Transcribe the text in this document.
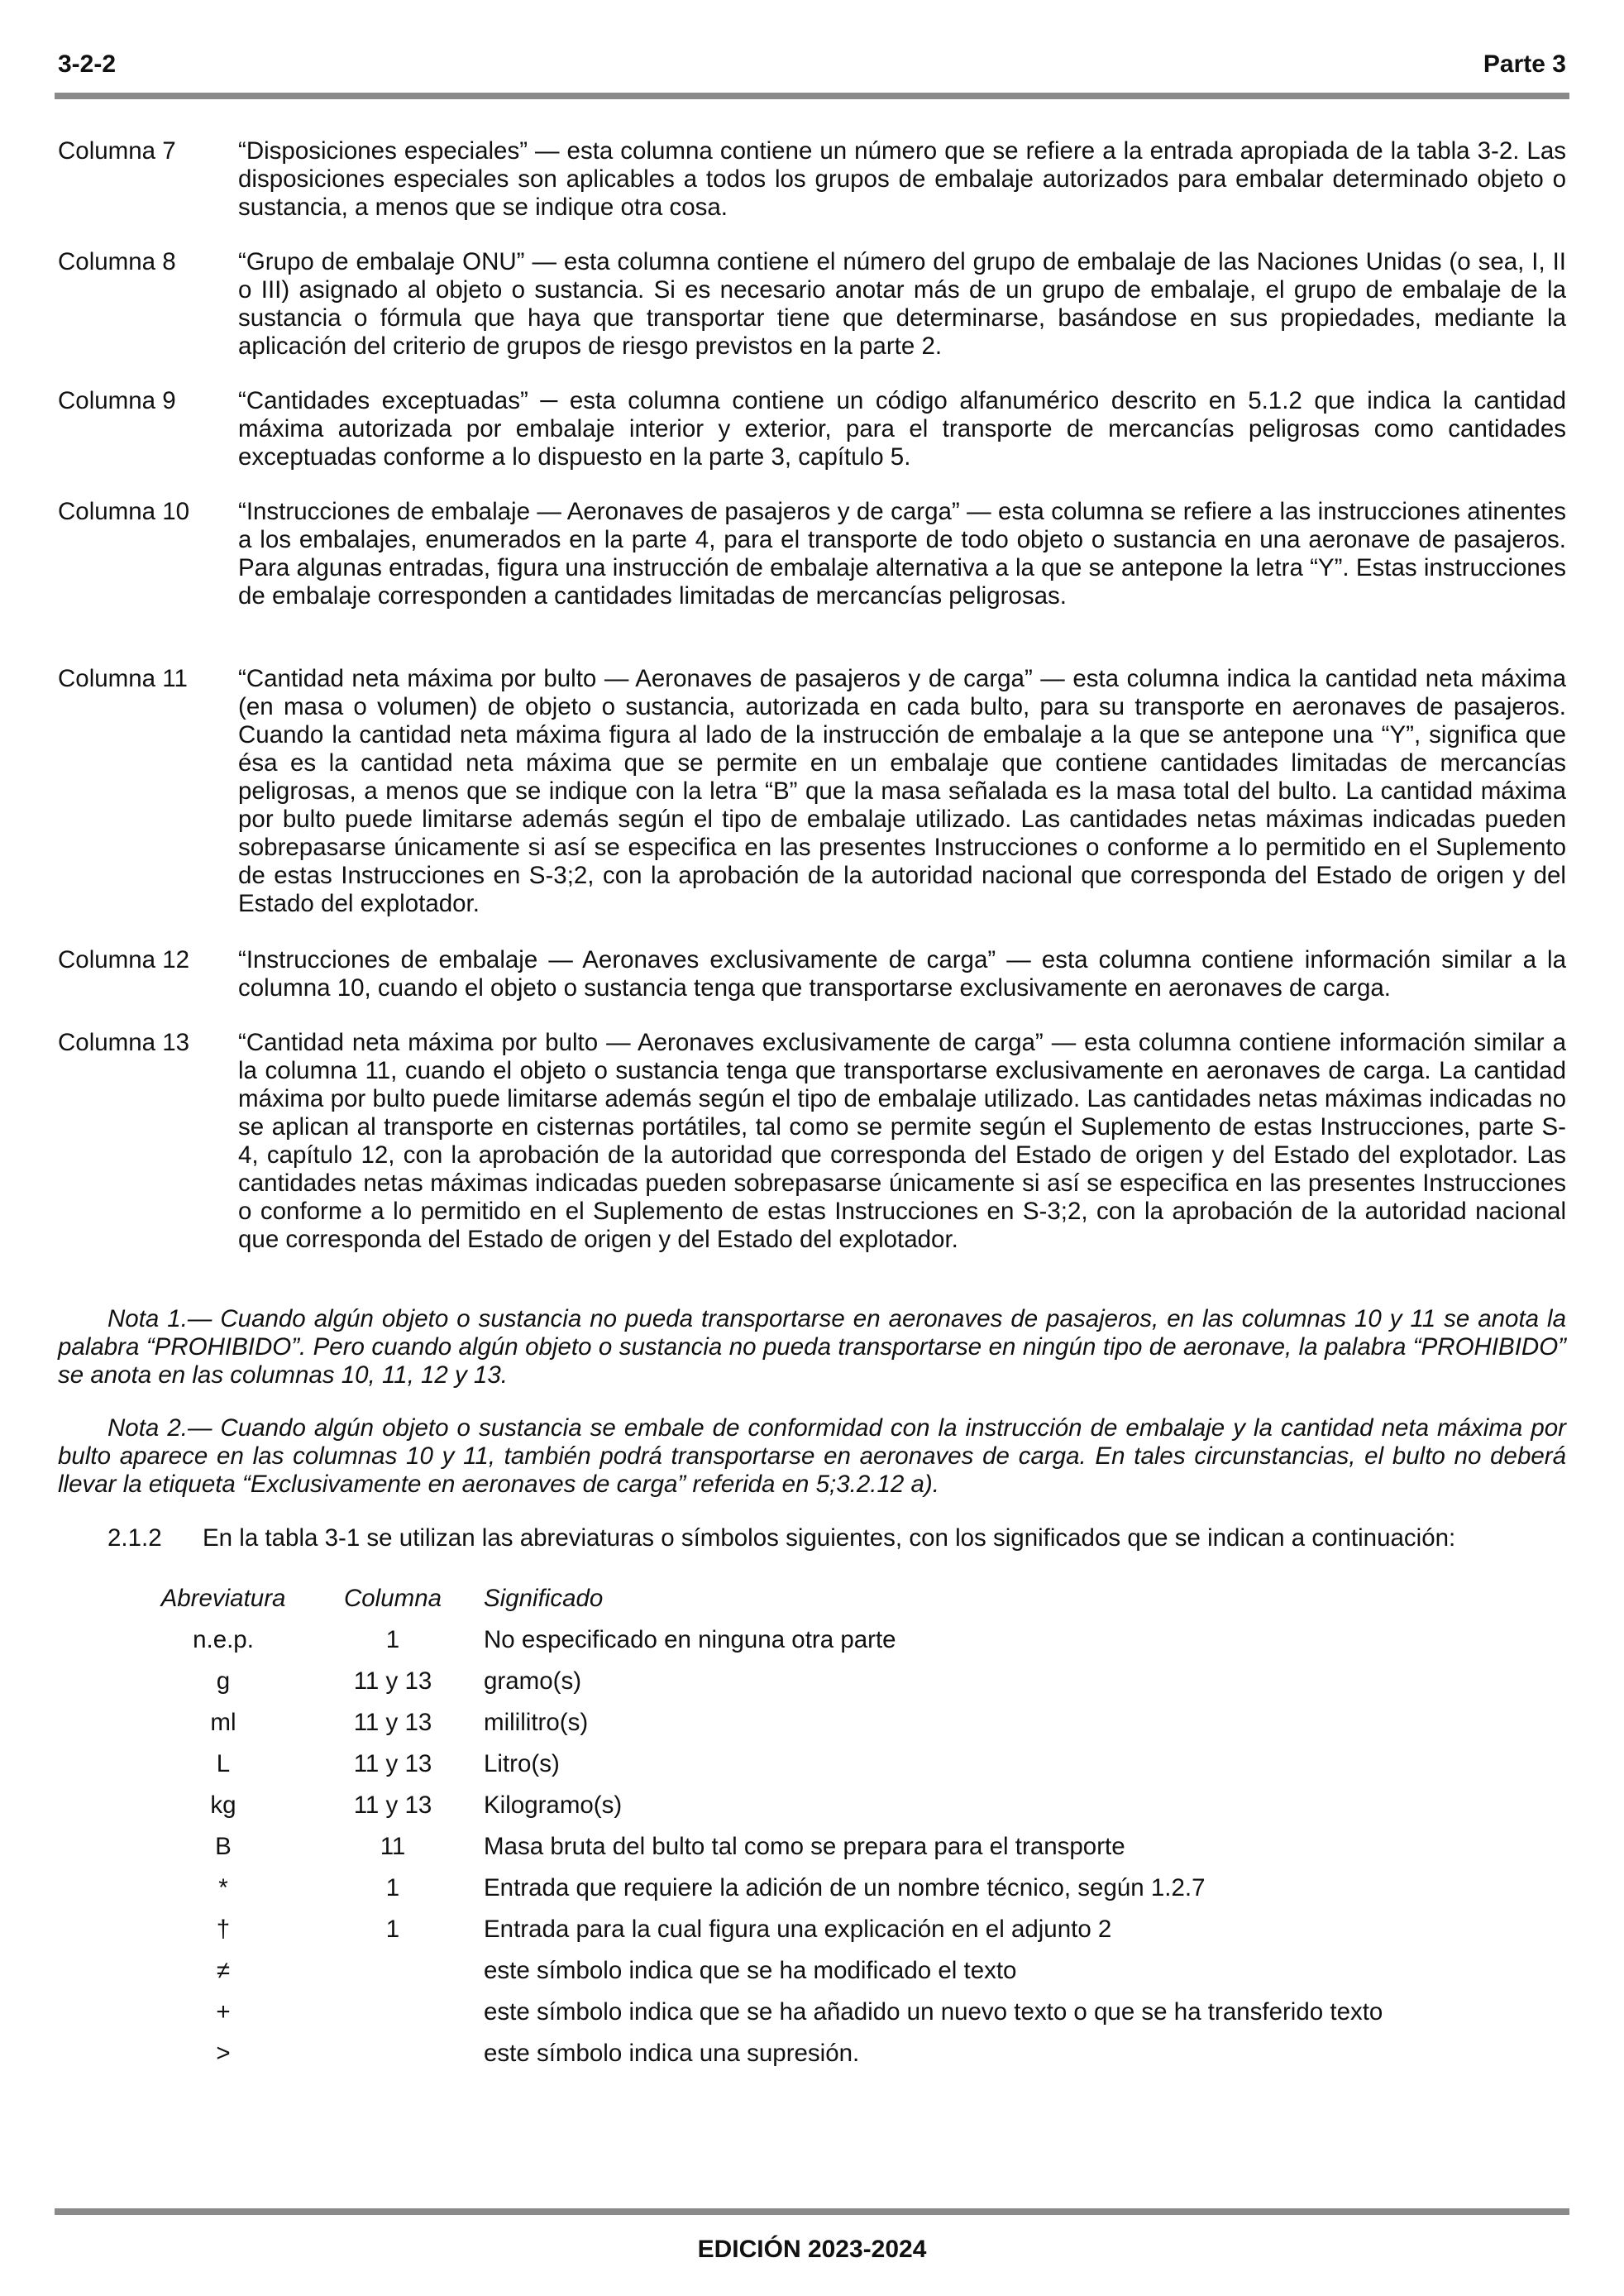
3-2-2	Parte 3
Columna 7	“Disposiciones especiales” — esta columna contiene un número que se refiere a la entrada apropiada de la tabla 3-2. Las disposiciones especiales son aplicables a todos los grupos de embalaje autorizados para embalar determinado objeto o sustancia, a menos que se indique otra cosa.
Columna 8	“Grupo de embalaje ONU” — esta columna contiene el número del grupo de embalaje de las Naciones Unidas (o sea, I, II o III) asignado al objeto o sustancia. Si es necesario anotar más de un grupo de embalaje, el grupo de embalaje de la sustancia o fórmula que haya que transportar tiene que determinarse, basándose en sus propiedades, mediante la aplicación del criterio de grupos de riesgo previstos en la parte 2.
Columna 9	“Cantidades exceptuadas” ─ esta columna contiene un código alfanumérico descrito en 5.1.2 que indica la cantidad máxima autorizada por embalaje interior y exterior, para el transporte de mercancías peligrosas como cantidades exceptuadas conforme a lo dispuesto en la parte 3, capítulo 5.
Columna 10	“Instrucciones de embalaje — Aeronaves de pasajeros y de carga” — esta columna se refiere a las instrucciones atinentes a los embalajes, enumerados en la parte 4, para el transporte de todo objeto o sustancia en una aeronave de pasajeros. Para algunas entradas, figura una instrucción de embalaje alternativa a la que se antepone la letra “Y”. Estas instrucciones de embalaje corresponden a cantidades limitadas de mercancías peligrosas.
Columna 11	“Cantidad neta máxima por bulto — Aeronaves de pasajeros y de carga” — esta columna indica la cantidad neta máxima (en masa o volumen) de objeto o sustancia, autorizada en cada bulto, para su transporte en aeronaves de pasajeros. Cuando la cantidad neta máxima figura al lado de la instrucción de embalaje a la que se antepone una “Y”, significa que ésa es la cantidad neta máxima que se permite en un embalaje que contiene cantidades limitadas de mercancías peligrosas, a menos que se indique con la letra “B” que la masa señalada es la masa total del bulto. La cantidad máxima por bulto puede limitarse además según el tipo de embalaje utilizado. Las cantidades netas máximas indicadas pueden sobrepasarse únicamente si así se especifica en las presentes Instrucciones o conforme a lo permitido en el Suplemento de estas Instrucciones en S-3;2, con la aprobación de la autoridad nacional que corresponda del Estado de origen y del Estado del explotador.
Columna 12	“Instrucciones de embalaje — Aeronaves exclusivamente de carga” — esta columna contiene información similar a la columna 10, cuando el objeto o sustancia tenga que transportarse exclusivamente en aeronaves de carga.
Columna 13	“Cantidad neta máxima por bulto — Aeronaves exclusivamente de carga” — esta columna contiene información similar a la columna 11, cuando el objeto o sustancia tenga que transportarse exclusivamente en aeronaves de carga. La cantidad máxima por bulto puede limitarse además según el tipo de embalaje utilizado. Las cantidades netas máximas indicadas no se aplican al transporte en cisternas portátiles, tal como se permite según el Suplemento de estas Instrucciones, parte S-4, capítulo 12, con la aprobación de la autoridad que corresponda del Estado de origen y del Estado del explotador. Las cantidades netas máximas indicadas pueden sobrepasarse únicamente si así se especifica en las presentes Instrucciones o conforme a lo permitido en el Suplemento de estas Instrucciones en S-3;2, con la aprobación de la autoridad nacional que corresponda del Estado de origen y del Estado del explotador.
Nota 1.— Cuando algún objeto o sustancia no pueda transportarse en aeronaves de pasajeros, en las columnas 10 y 11 se anota la palabra “PROHIBIDO”. Pero cuando algún objeto o sustancia no pueda transportarse en ningún tipo de aeronave, la palabra “PROHIBIDO” se anota en las columnas 10, 11, 12 y 13.
Nota 2.— Cuando algún objeto o sustancia se embale de conformidad con la instrucción de embalaje y la cantidad neta máxima por bulto aparece en las columnas 10 y 11, también podrá transportarse en aeronaves de carga. En tales circunstancias, el bulto no deberá llevar la etiqueta “Exclusivamente en aeronaves de carga” referida en 5;3.2.12 a).
2.1.2 En la tabla 3-1 se utilizan las abreviaturas o símbolos siguientes, con los significados que se indican a continuación:
Abreviatura	Columna	Significado
n.e.p.	1	No especificado en ninguna otra parte
g	11 y 13	gramo(s)
ml	11 y 13	mililitro(s)
L	11 y 13	Litro(s)
kg	11 y 13	Kilogramo(s)
B	11	Masa bruta del bulto tal como se prepara para el transporte
*	1	Entrada que requiere la adición de un nombre técnico, según 1.2.7
†	1	Entrada para la cual figura una explicación en el adjunto 2
≠		este símbolo indica que se ha modificado el texto
+		este símbolo indica que se ha añadido un nuevo texto o que se ha transferido texto
>		este símbolo indica una supresión.
EDICIÓN 2023-2024
